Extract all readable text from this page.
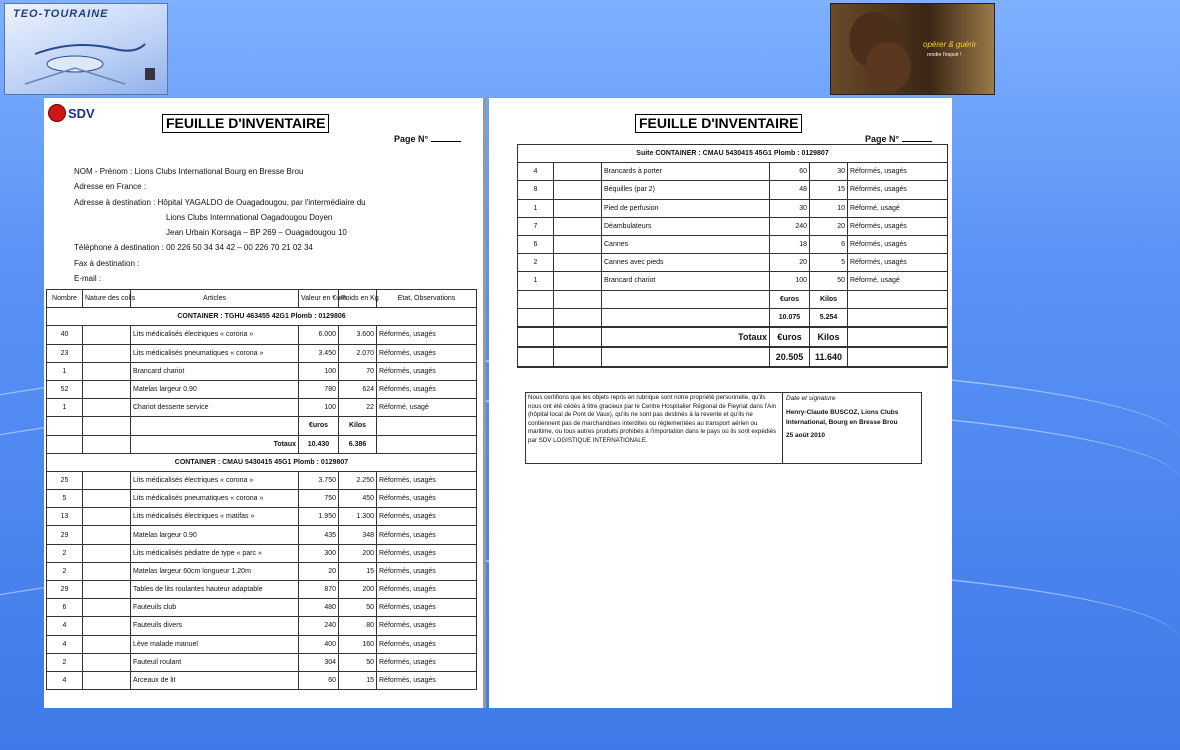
TEO-TOURAINE
opérer & guérir
rendre l'espoir !
SDV
FEUILLE D'INVENTAIRE
Page N°
NOM - Prénom : Lions Clubs International Bourg en Bresse Brou
Adresse en France :
Adresse à destination : Hôpital YAGALDO de Ouagadougou, par l'intermédiaire du
Lions Clubs Internnational Oagadougou Doyen
Jean Urbain Korsaga – BP 269 – Ouagadougou 10
Téléphone à destination : 00 226 50 34 34 42 – 00 226 70 21 02 34
Fax à destination :
E-mail :
Nombre	Nature des colis	Articles	Valeur en €uro	Poids en Kg	Etat, Observations
CONTAINER : TGHU 463455 42G1 Plomb : 0129806					
40		Lits médicalisés électriques « corona »	6.000	3.600	Réformés, usagés
23		Lits médicalisés pneumatiques « corona »	3.450	2.070	Réformés, usagés
1		Brancard chariot	100	70	Réformés, usagés
52		Matelas largeur 0.90	780	624	Réformés, usagés
1		Chariot desserte service	100	22	Réformé, usagé
			€uros	Kilos	
		Totaux	10.430	6.386	
CONTAINER : CMAU 5430415 45G1 Plomb : 0129807					
25		Lits médicalisés électriques « corona »	3.750	2.250	Réformés, usagés
5		Lits médicalisés pneumatiques « corona »	750	450	Réformés, usagés
13		Lits médicalisés électriques « matifas »	1.950	1.300	Réformés, usagés
29		Matelas largeur 0.90	435	348	Réformés, usagés
2		Lits médicalisés pédiatre de type « parc »	300	200	Réformés, usagés
2		Matelas largeur 60cm longueur 1.20m	20	15	Réformés, usagés
29		Tables de lits roulantes hauteur adaptable	870	200	Réformés, usagés
6		Fauteuils club	480	50	Réformés, usagés
4		Fauteuils divers	240	80	Réformés, usagés
4		Lève malade manuel	400	160	Réformés, usagés
2		Fauteuil roulant	304	50	Réformés, usagés
4		Arceaux de lit	60	15	Réformés, usagés
FEUILLE D'INVENTAIRE
Page N°
Suite CONTAINER : CMAU 5430415 45G1 Plomb : 0129807					
4		Brancards à porter	60	30	Réformés, usagés
8		Béquilles (par 2)	48	15	Réformés, usagés
1		Pied de perfusion	30	10	Réformé, usagé
7		Déambulateurs	240	20	Réformés, usagés
6		Cannes	18	6	Réformés, usagés
2		Cannes avec pieds	20	5	Réformés, usagés
1		Brancard chariot	100	50	Réformé, usagé
			€uros	Kilos	
			10.075	5.254	
		Totaux	€uros	Kilos	
			20.505	11.640	
Nous certifions que les objets repris en rubrique sont notre propriété personnelle, qu'ils nous ont été cédés à titre gracieux par le Centre Hospitalier Régional de Fleyriat dans l'Ain (hôpital local de Pont de Vaux), qu'ils ne sont pas destinés à la revente et qu'ils ne contiennent pas de marchandises interdites ou réglementées au transport aérien ou maritime, ou tous autres produits prohibés à l'importation dans le pays où ils sont expédiés par SDV LOGISTIQUE INTERNATIONALE.
Date et signature
Henry-Claude BUSCOZ, Lions Clubs International, Bourg en Bresse Brou
25 août 2010
